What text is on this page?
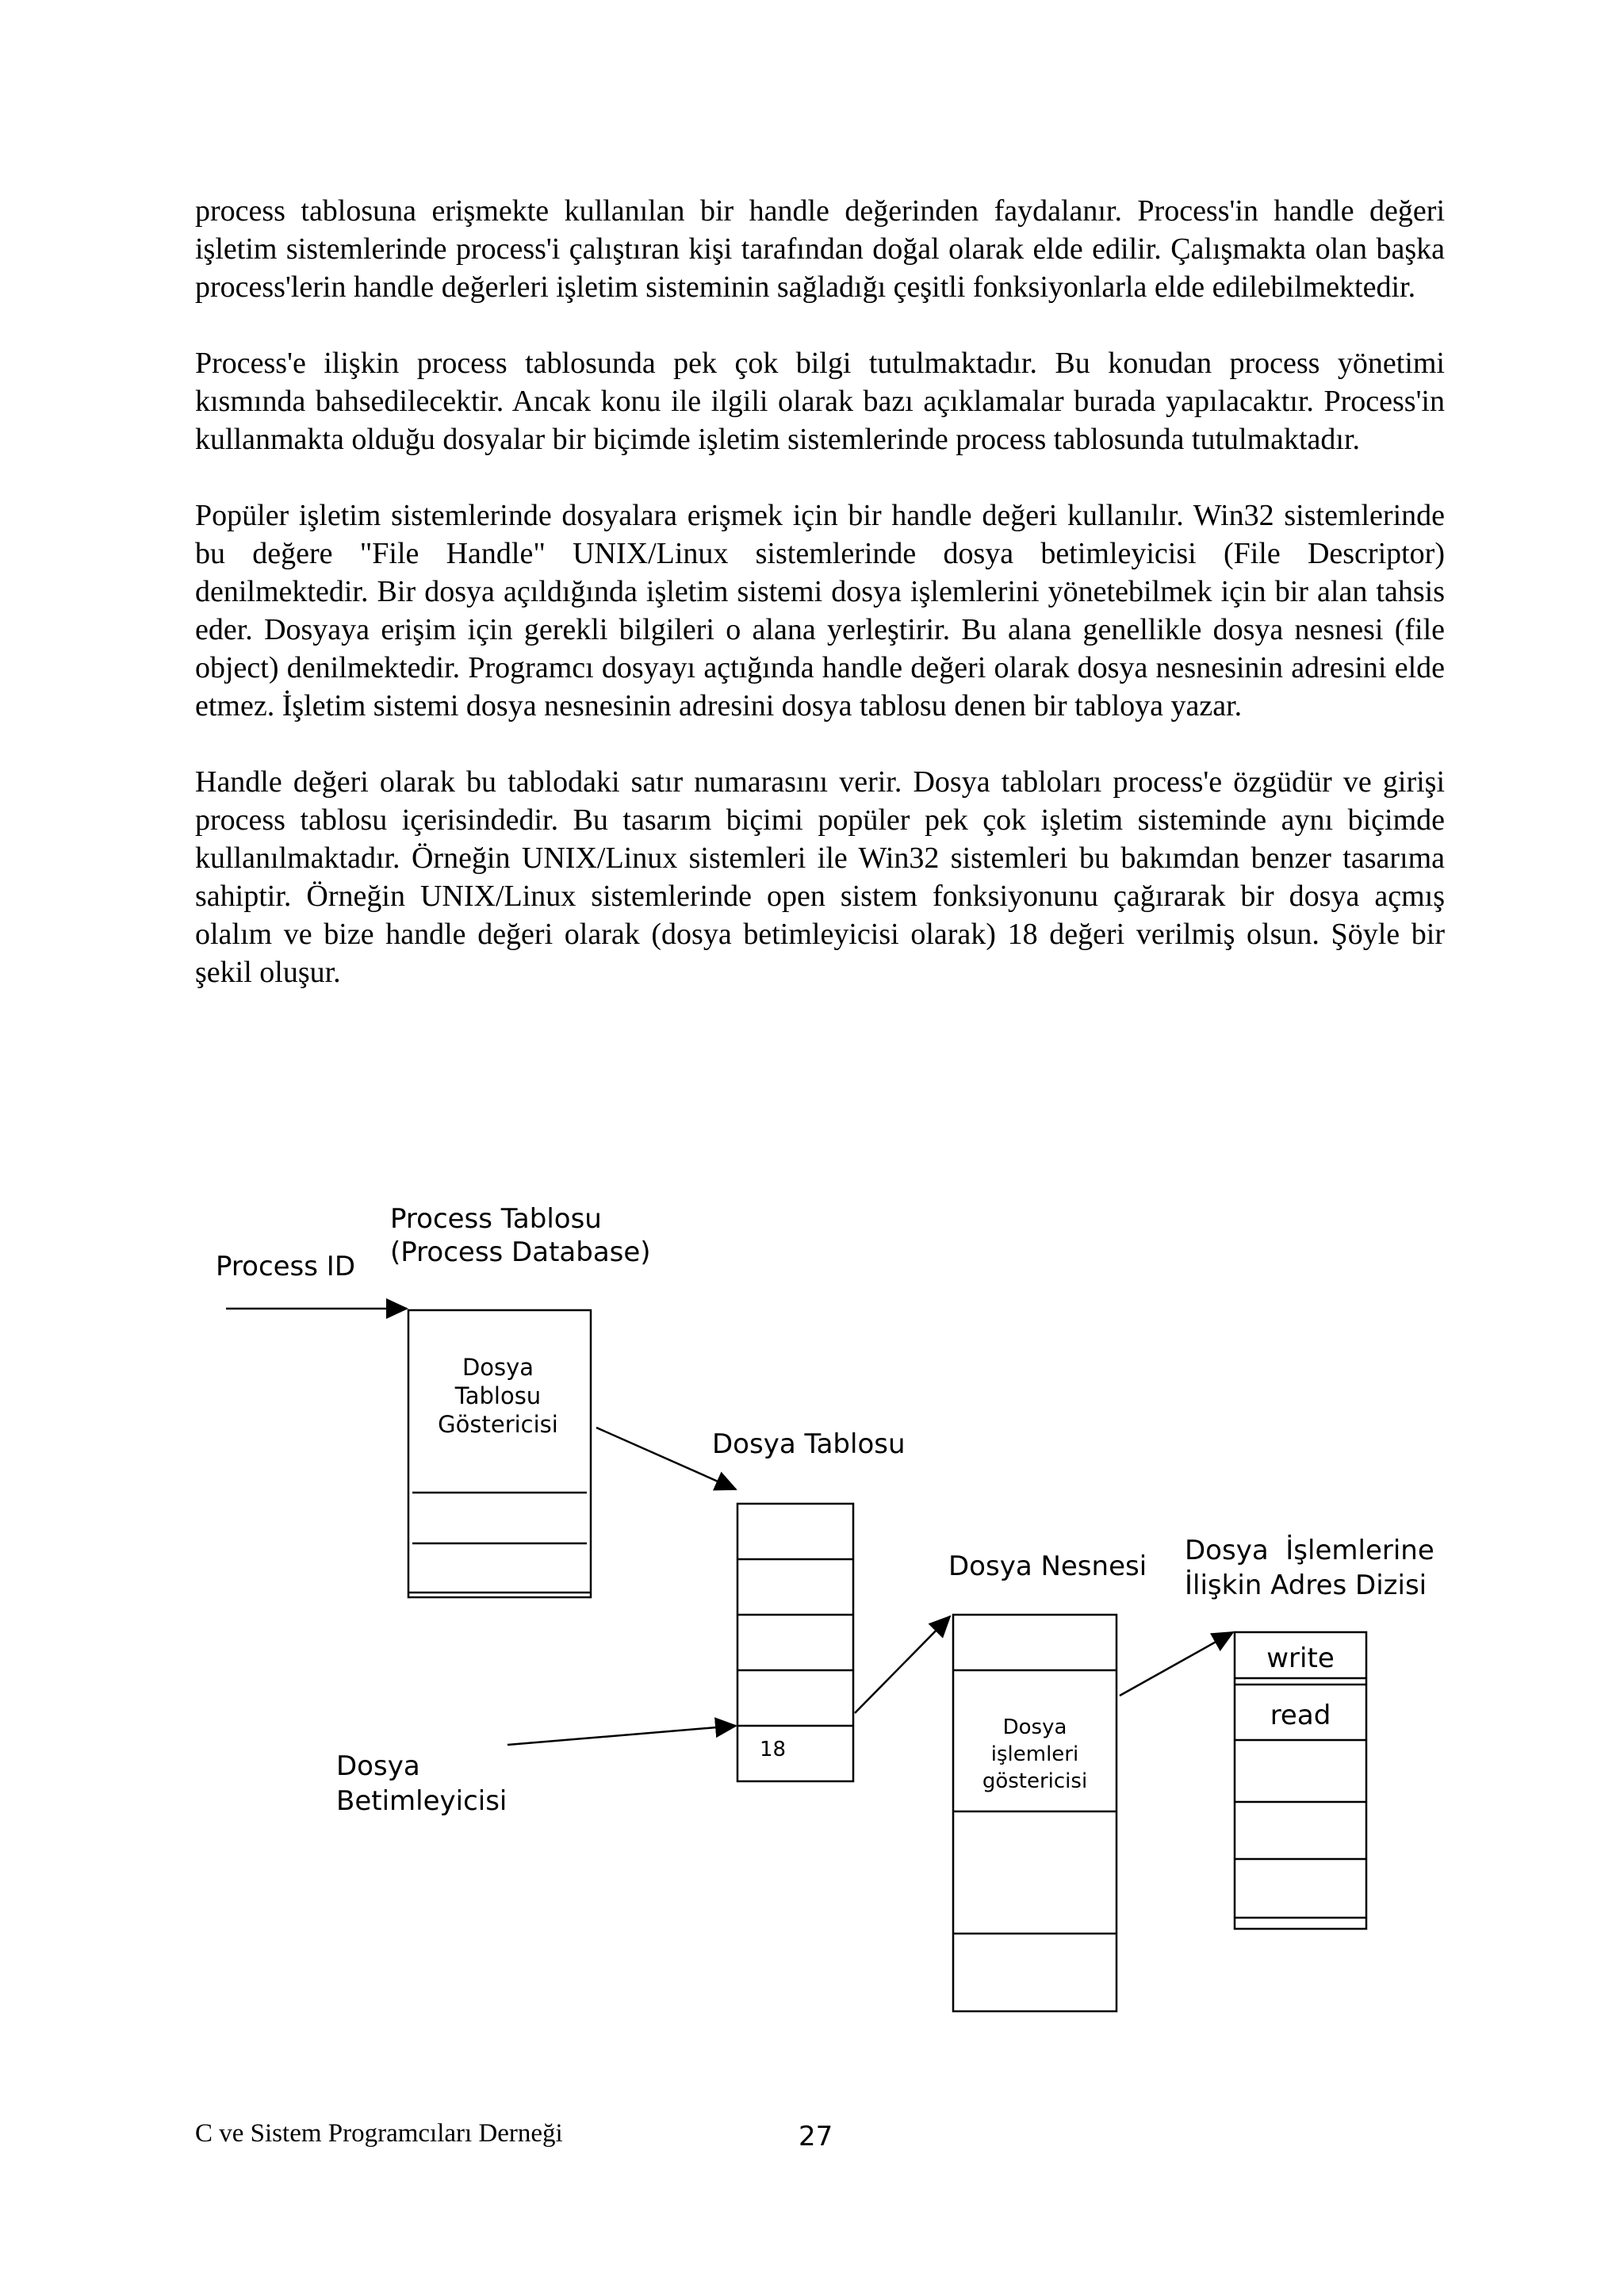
process tablosuna erişmekte kullanılan bir handle değerinden faydalanır. Process'in handle değeri işletim sistemlerinde process'i çalıştıran kişi tarafından doğal olarak elde edilir. Çalışmakta olan başka process'lerin handle değerleri işletim sisteminin sağladığı çeşitli fonksiyonlarla elde edilebilmektedir.

Process'e ilişkin process tablosunda pek çok bilgi tutulmaktadır. Bu konudan process yönetimi kısmında bahsedilecektir. Ancak konu ile ilgili olarak bazı açıklamalar burada yapılacaktır. Process'in kullanmakta olduğu dosyalar bir biçimde işletim sistemlerinde process tablosunda tutulmaktadır.

Popüler işletim sistemlerinde dosyalara erişmek için bir handle değeri kullanılır. Win32 sistemlerinde bu değere "File Handle" UNIX/Linux sistemlerinde dosya betimleyicisi (File Descriptor) denilmektedir. Bir dosya açıldığında işletim sistemi dosya işlemlerini yönetebilmek için bir alan tahsis eder. Dosyaya erişim için gerekli bilgileri o alana yerleştirir. Bu alana genellikle dosya nesnesi (file object) denilmektedir. Programcı dosyayı açtığında handle değeri olarak dosya nesnesinin adresini elde etmez. İşletim sistemi dosya nesnesinin adresini dosya tablosu denen bir tabloya yazar.

Handle değeri olarak bu tablodaki satır numarasını verir. Dosya tabloları process'e özgüdür ve girişi process tablosu içerisindedir. Bu tasarım biçimi popüler pek çok işletim sisteminde aynı biçimde kullanılmaktadır. Örneğin UNIX/Linux sistemleri ile Win32 sistemleri bu bakımdan benzer tasarıma sahiptir. Örneğin UNIX/Linux sistemlerinde open sistem fonksiyonunu çağırarak bir dosya açmış olalım ve bize handle değeri olarak (dosya betimleyicisi olarak) 18 değeri verilmiş olsun. Şöyle bir şekil oluşur.

Process Tablosu
(Process Database)
Process ID
Dosya
Tablosu
Göstericisi
Dosya Tablosu
18
Dosya
Betimleyicisi
Dosya Nesnesi
Dosya
işlemleri
göstericisi
Dosya  İşlemlerine
İlişkin Adres Dizisi
write
read
C ve Sistem Programcıları Derneği	27
